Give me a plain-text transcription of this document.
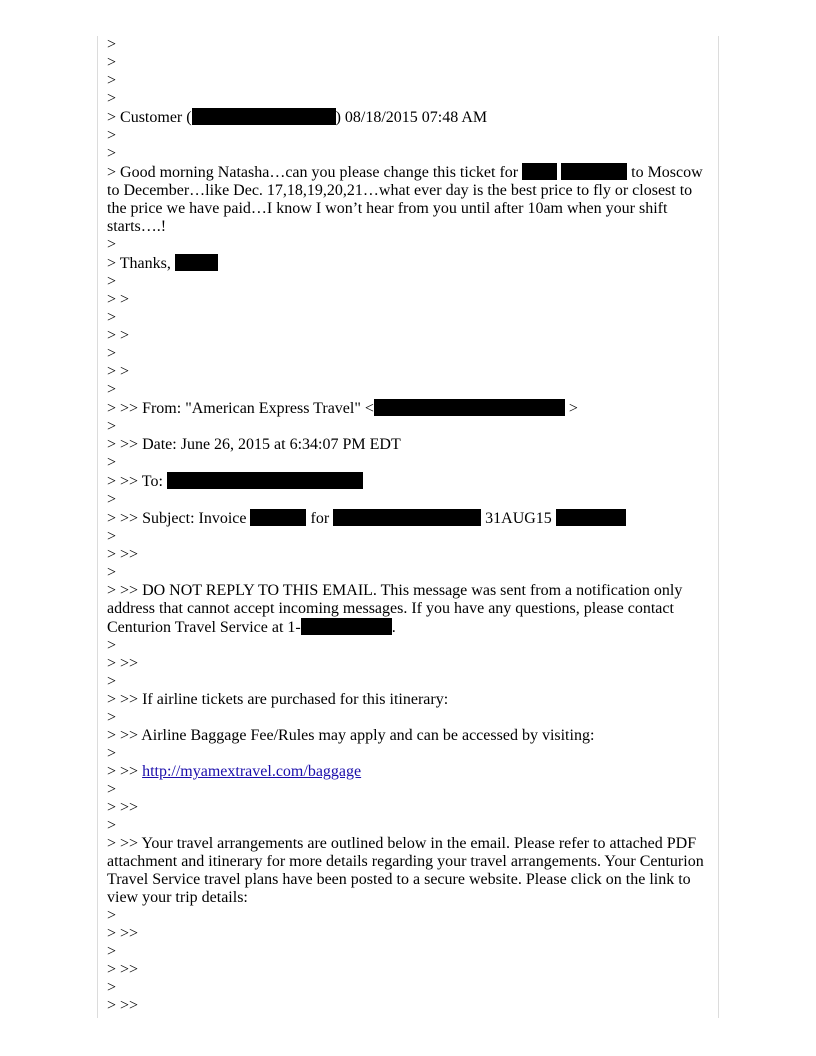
>
>
>
>
> Customer (	) 08/18/2015 07:48 AM
>
>
> Good morning Natasha…can you please change this ticket for	to Moscow to December…like Dec. 17,18,19,20,21…what ever day is the best price to fly or closest to the price we have paid…I know I won’t hear from you until after 10am when your shift starts….!
>
> Thanks,
>
> >
>
> >
>
> >
>
> >> From: "American Express Travel" <	>
>
> >> Date: June 26, 2015 at 6:34:07 PM EDT
>
> >> To:
>
> >> Subject: Invoice	for	31AUG15
>
> >>
>
> >> DO NOT REPLY TO THIS EMAIL. This message was sent from a notification only address that cannot accept incoming messages. If you have any questions, please contact Centurion Travel Service at 1-	.
>
> >>
>
> >> If airline tickets are purchased for this itinerary:
>
> >> Airline Baggage Fee/Rules may apply and can be accessed by visiting:
>
> >> http://myamextravel.com/baggage
>
> >>
>
> >> Your travel arrangements are outlined below in the email. Please refer to attached PDF attachment and itinerary for more details regarding your travel arrangements. Your Centurion Travel Service travel plans have been posted to a secure website. Please click on the link to view your trip details:
>
> >>
>
> >>
>
> >>
